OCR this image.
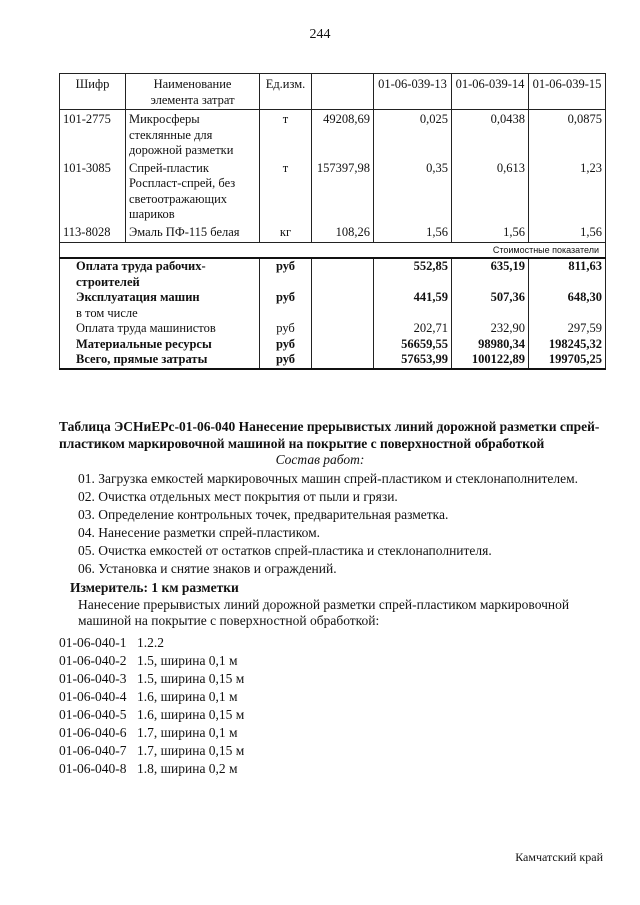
244
Шифр	Наименование элемента затрат	Ед.изм.		01-06-039-13	01-06-039-14	01-06-039-15
101-2775	Микросферы стеклянные для дорожной разметки	т	49208,69	0,025	0,0438	0,0875
101-3085	Спрей-пластик Роспласт-спрей, без светоотражающих шариков	т	157397,98	0,35	0,613	1,23
113-8028	Эмаль ПФ-115 белая	кг	108,26	1,56	1,56	1,56
Стоимостные показатели						
Оплата труда рабочих-строителей		руб		552,85	635,19	811,63
Эксплуатация машин		руб		441,59	507,36	648,30
в том числе						
Оплата труда машинистов		руб		202,71	232,90	297,59
Материальные ресурсы		руб		56659,55	98980,34	198245,32
Всего, прямые затраты		руб		57653,99	100122,89	199705,25
Таблица ЭСНиЕРс-01-06-040 Нанесение прерывистых линий дорожной разметки спрей-пластиком маркировочной машиной на покрытие с поверхностной обработкой
Состав работ:
01. Загрузка емкостей маркировочных машин спрей-пластиком и стеклонаполнителем.
02. Очистка отдельных мест покрытия от пыли и грязи.
03. Определение контрольных точек, предварительная разметка.
04. Нанесение разметки спрей-пластиком.
05. Очистка емкостей от остатков спрей-пластика и стеклонаполнителя.
06. Установка и снятие знаков и ограждений.
Измеритель: 1 км разметки
Нанесение прерывистых линий дорожной разметки спрей-пластиком маркировочной машиной на покрытие с поверхностной обработкой:
01-06-040-1 1.2.2
01-06-040-2 1.5, ширина 0,1 м
01-06-040-3 1.5, ширина 0,15 м
01-06-040-4 1.6, ширина 0,1 м
01-06-040-5 1.6, ширина 0,15 м
01-06-040-6 1.7, ширина 0,1 м
01-06-040-7 1.7, ширина 0,15 м
01-06-040-8 1.8, ширина 0,2 м
Камчатский край
